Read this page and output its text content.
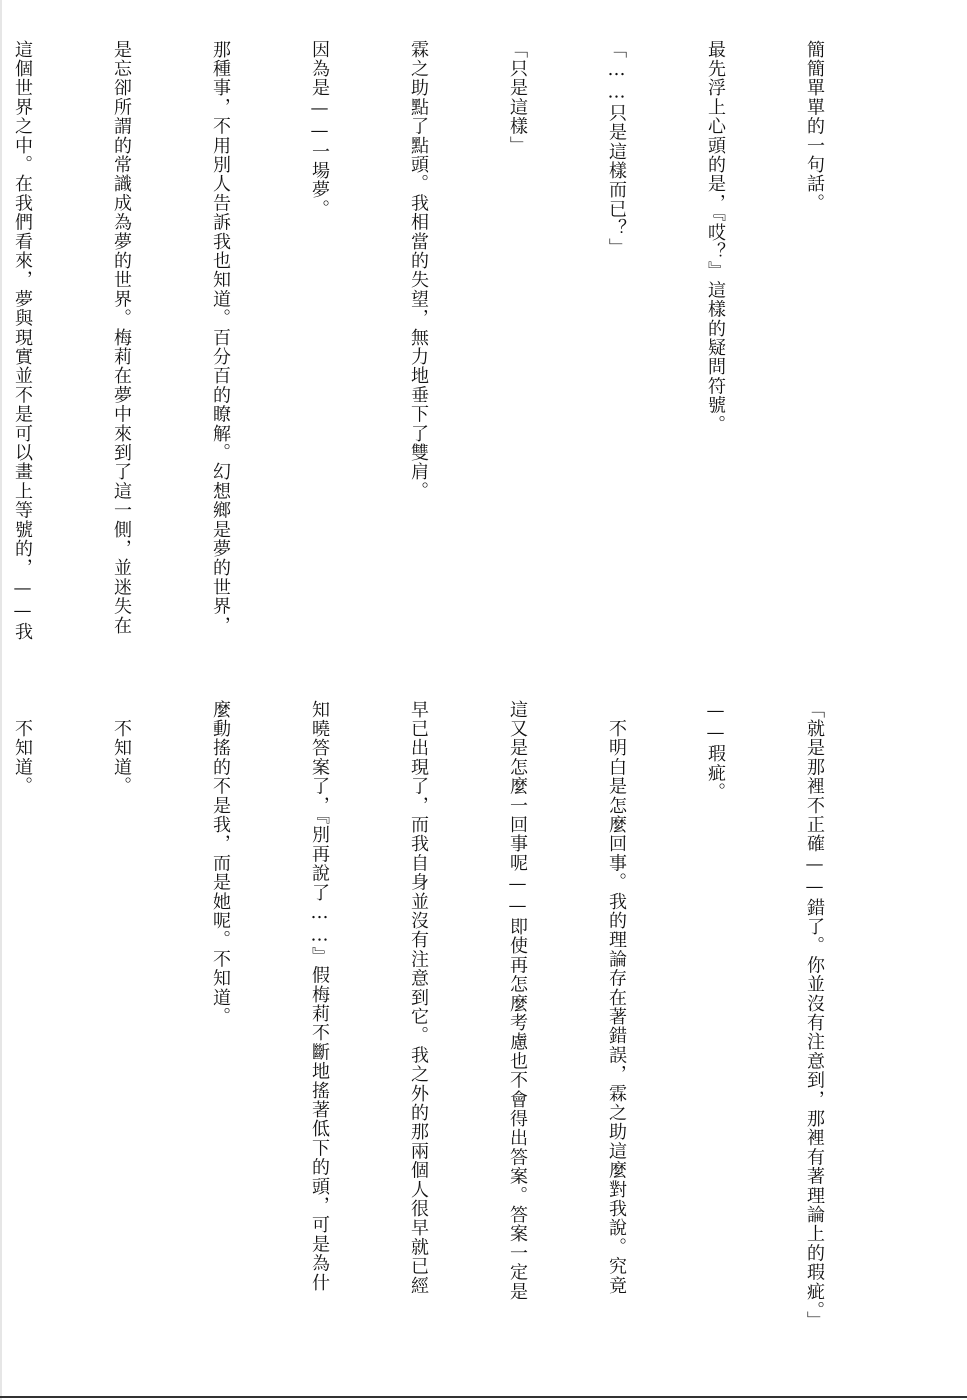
簡簡單單的一句話。

最先浮上心頭的是，『哎？』這樣的疑問符號。

「……只是這樣而已？」

「只是這樣」

霖之助點了點頭。我相當的失望，無力地垂下了雙肩。

因為是——一場夢。

那種事，不用別人告訴我也知道。百分百的瞭解。幻想鄉是夢的世界，

是忘卻所謂的常識成為夢的世界。梅莉在夢中來到了這一側，並迷失在

這個世界之中。在我們看來，夢與現實並不是可以畫上等號的，——我

「就是那裡不正確——錯了。你並沒有注意到，那裡有著理論上的瑕疵。」

——瑕疵。

　不明白是怎麼回事。我的理論存在著錯誤，霖之助這麼對我說。究竟

這又是怎麼一回事呢——即使再怎麼考慮也不會得出答案。答案一定是

早已出現了，而我自身並沒有注意到它。我之外的那兩個人很早就已經

知曉答案了，『別再說了……』假梅莉不斷地搖著低下的頭，可是為什

麼動搖的不是我，而是她呢。不知道。

　不知道。

　不知道。
